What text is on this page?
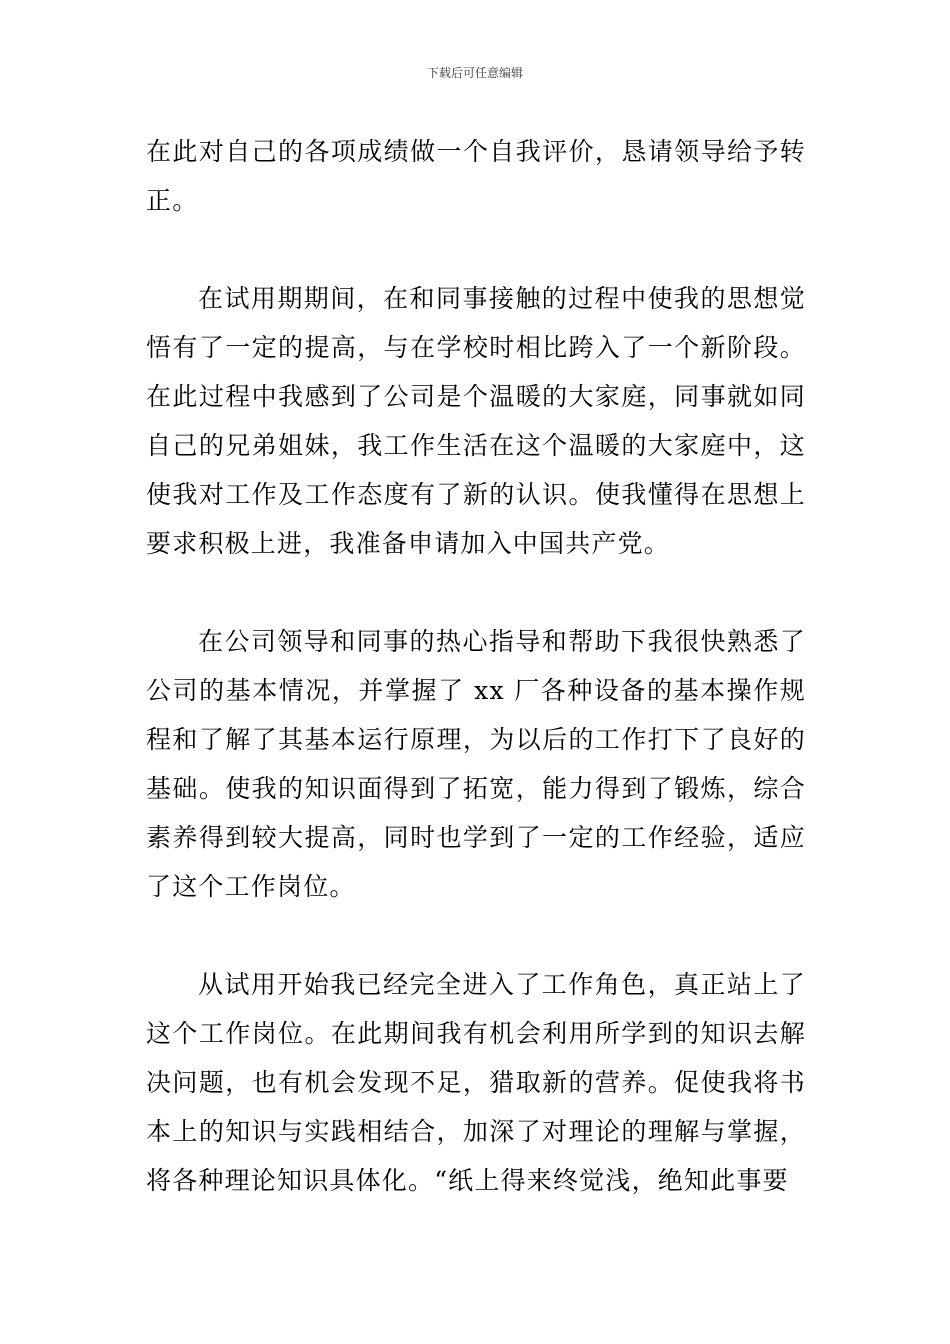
下载后可任意编辑

在此对自己的各项成绩做一个自我评价，恳请领导给予转正。

在试用期期间，在和同事接触的过程中使我的思想觉悟有了一定的提高，与在学校时相比跨入了一个新阶段。在此过程中我感到了公司是个温暖的大家庭，同事就如同自己的兄弟姐妹，我工作生活在这个温暖的大家庭中，这使我对工作及工作态度有了新的认识。使我懂得在思想上要求积极上进，我准备申请加入中国共产党。

在公司领导和同事的热心指导和帮助下我很快熟悉了公司的基本情况，并掌握了 xx 厂各种设备的基本操作规程和了解了其基本运行原理，为以后的工作打下了良好的基础。使我的知识面得到了拓宽，能力得到了锻炼，综合素养得到较大提高，同时也学到了一定的工作经验，适应了这个工作岗位。

从试用开始我已经完全进入了工作角色，真正站上了这个工作岗位。在此期间我有机会利用所学到的知识去解决问题，也有机会发现不足，猎取新的营养。促使我将书本上的知识与实践相结合，加深了对理论的理解与掌握，将各种理论知识具体化。“纸上得来终觉浅，绝知此事要
